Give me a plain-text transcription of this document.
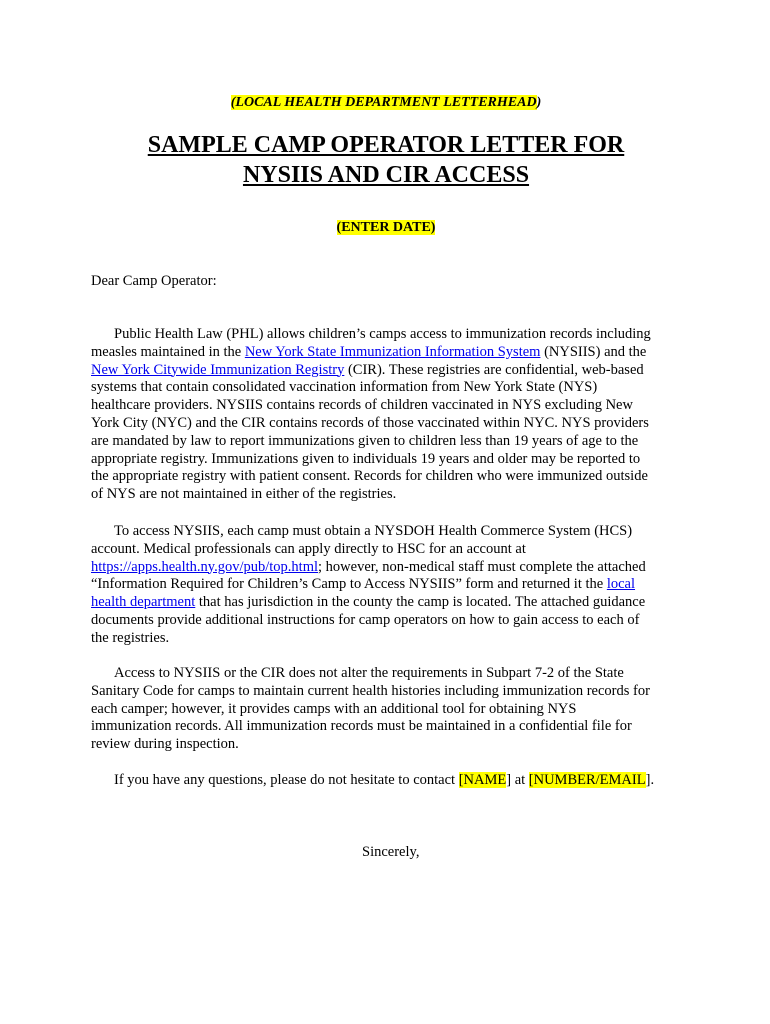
(LOCAL HEALTH DEPARTMENT LETTERHEAD)
SAMPLE CAMP OPERATOR LETTER FOR
NYSIIS AND CIR ACCESS
(ENTER DATE)
Dear Camp Operator:
Public Health Law (PHL) allows children’s camps access to immunization records including
measles maintained in the New York State Immunization Information System (NYSIIS) and the
New York Citywide Immunization Registry (CIR). These registries are confidential, web-based
systems that contain consolidated vaccination information from New York State (NYS)
healthcare providers. NYSIIS contains records of children vaccinated in NYS excluding New
York City (NYC) and the CIR contains records of those vaccinated within NYC. NYS providers
are mandated by law to report immunizations given to children less than 19 years of age to the
appropriate registry. Immunizations given to individuals 19 years and older may be reported to
the appropriate registry with patient consent. Records for children who were immunized outside
of NYS are not maintained in either of the registries.
To access NYSIIS, each camp must obtain a NYSDOH Health Commerce System (HCS)
account. Medical professionals can apply directly to HSC for an account at
https://apps.health.ny.gov/pub/top.html; however, non-medical staff must complete the attached
“Information Required for Children’s Camp to Access NYSIIS” form and returned it the local
health department that has jurisdiction in the county the camp is located. The attached guidance
documents provide additional instructions for camp operators on how to gain access to each of
the registries.
Access to NYSIIS or the CIR does not alter the requirements in Subpart 7-2 of the State
Sanitary Code for camps to maintain current health histories including immunization records for
each camper; however, it provides camps with an additional tool for obtaining NYS
immunization records. All immunization records must be maintained in a confidential file for
review during inspection.
If you have any questions, please do not hesitate to contact [NAME] at [NUMBER/EMAIL].
Sincerely,
